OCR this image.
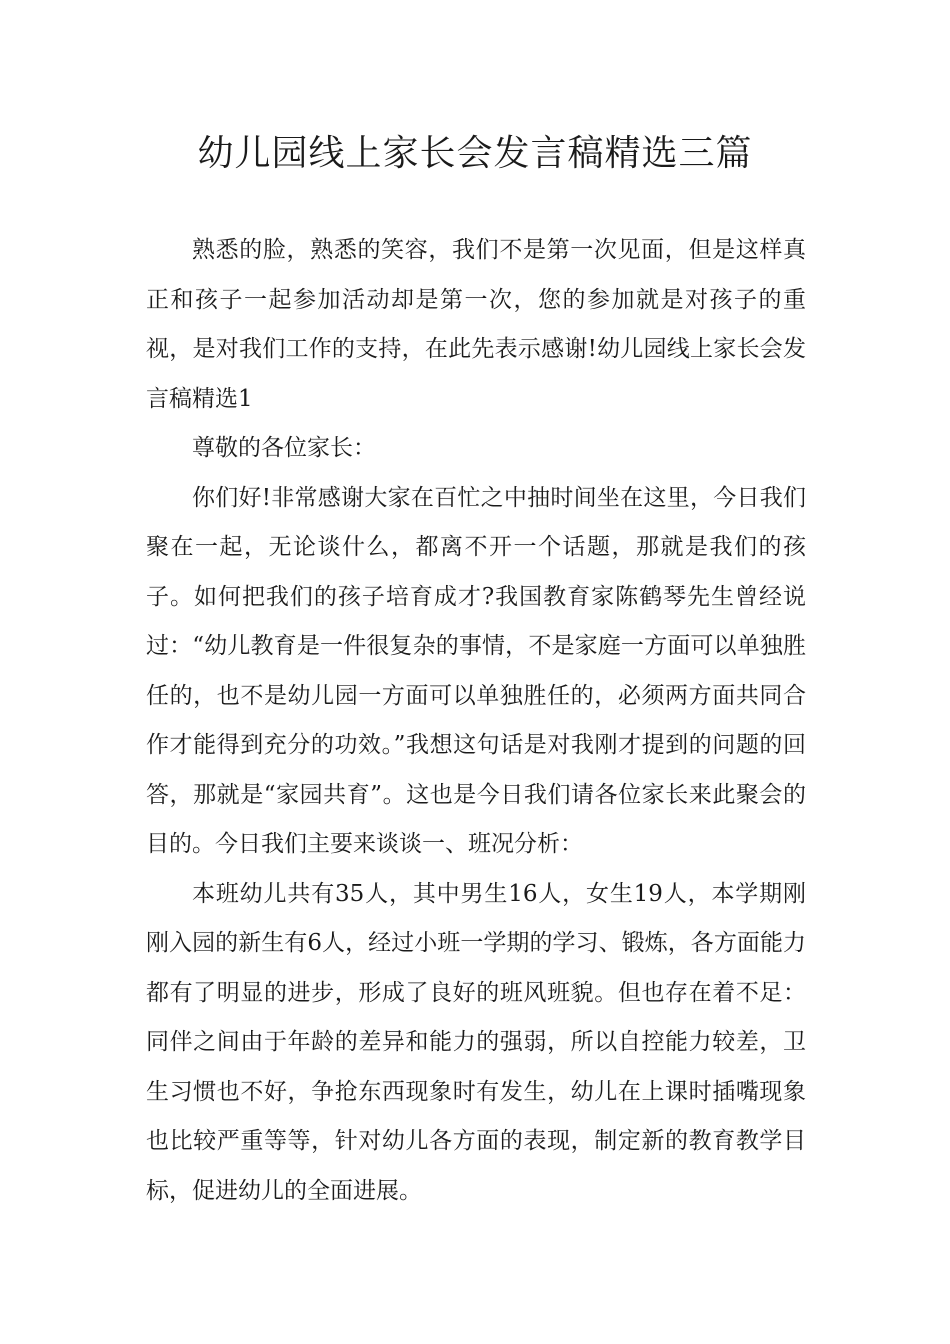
幼儿园线上家长会发言稿精选三篇

熟悉的脸，熟悉的笑容，我们不是第一次见面，但是这样真正和孩子一起参加活动却是第一次，您的参加就是对孩子的重视，是对我们工作的支持，在此先表示感谢!幼儿园线上家长会发言稿精选1

尊敬的各位家长：

你们好!非常感谢大家在百忙之中抽时间坐在这里，今日我们聚在一起，无论谈什么，都离不开一个话题，那就是我们的孩子。如何把我们的孩子培育成才?我国教育家陈鹤琴先生曾经说过：“幼儿教育是一件很复杂的事情，不是家庭一方面可以单独胜任的，也不是幼儿园一方面可以单独胜任的，必须两方面共同合作才能得到充分的功效。”我想这句话是对我刚才提到的问题的回答，那就是“家园共育”。这也是今日我们请各位家长来此聚会的目的。今日我们主要来谈谈一、班况分析：

本班幼儿共有35人，其中男生16人，女生19人，本学期刚刚入园的新生有6人，经过小班一学期的学习、锻炼，各方面能力都有了明显的进步，形成了良好的班风班貌。但也存在着不足：同伴之间由于年龄的差异和能力的强弱，所以自控能力较差，卫生习惯也不好，争抢东西现象时有发生，幼儿在上课时插嘴现象也比较严重等等，针对幼儿各方面的表现，制定新的教育教学目标，促进幼儿的全面进展。
